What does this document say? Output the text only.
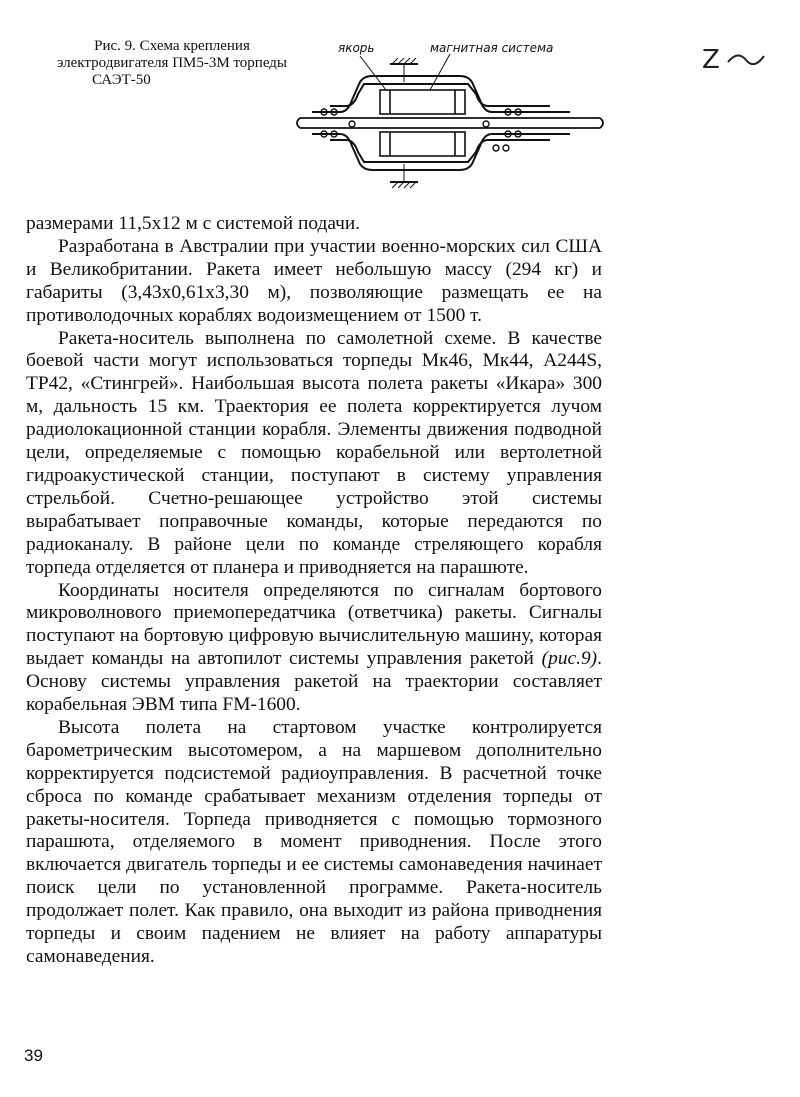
Рис. 9. Схема крепления
электродвигателя ПМ5-3М торпеды
САЭТ-50
якорь	магнитная система	Z

размерами 11,5х12 м с системой подачи.

Разработана в Австралии при участии военно-морских сил США и Великобритании. Ракета имеет небольшую массу (294 кг) и габариты (3,43х0,61х3,30 м), позволяющие размещать ее на противолодочных кораблях водоизмещением от 1500 т.

Ракета-носитель выполнена по самолетной схеме. В качестве боевой части могут использоваться торпеды Мк46, Мк44, А244S, ТР42, «Стингрей». Наибольшая высота полета ракеты «Икара» 300 м, дальность 15 км. Траектория ее полета корректируется лучом радиолокационной станции корабля. Элементы движения подводной цели, определяемые с помощью корабельной или вертолетной гидроакустической станции, поступают в систему управления стрельбой. Счетно-решающее устройство этой системы вырабатывает поправочные команды, которые передаются по радиоканалу. В районе цели по команде стреляющего корабля торпеда отделяется от планера и приводняется на парашюте.

Координаты носителя определяются по сигналам бортового микроволнового приемопередатчика (ответчика) ракеты. Сигналы поступают на бортовую цифровую вычислительную машину, которая выдает команды на автопилот системы управления ракетой (рис.9). Основу системы управления ракетой на траектории составляет корабельная ЭВМ типа FM-1600.

Высота полета на стартовом участке контролируется барометрическим высотомером, а на маршевом дополнительно корректируется подсистемой радиоуправления. В расчетной точке сброса по команде срабатывает механизм отделения торпеды от ракеты-носителя. Торпеда приводняется с помощью тормозного парашюта, отделяемого в момент приводнения. После этого включается двигатель торпеды и ее системы самонаведения начинает поиск цели по установленной программе. Ракета-носитель продолжает полет. Как правило, она выходит из района приводнения торпеды и своим падением не влияет на работу аппаратуры самонаведения.

39
